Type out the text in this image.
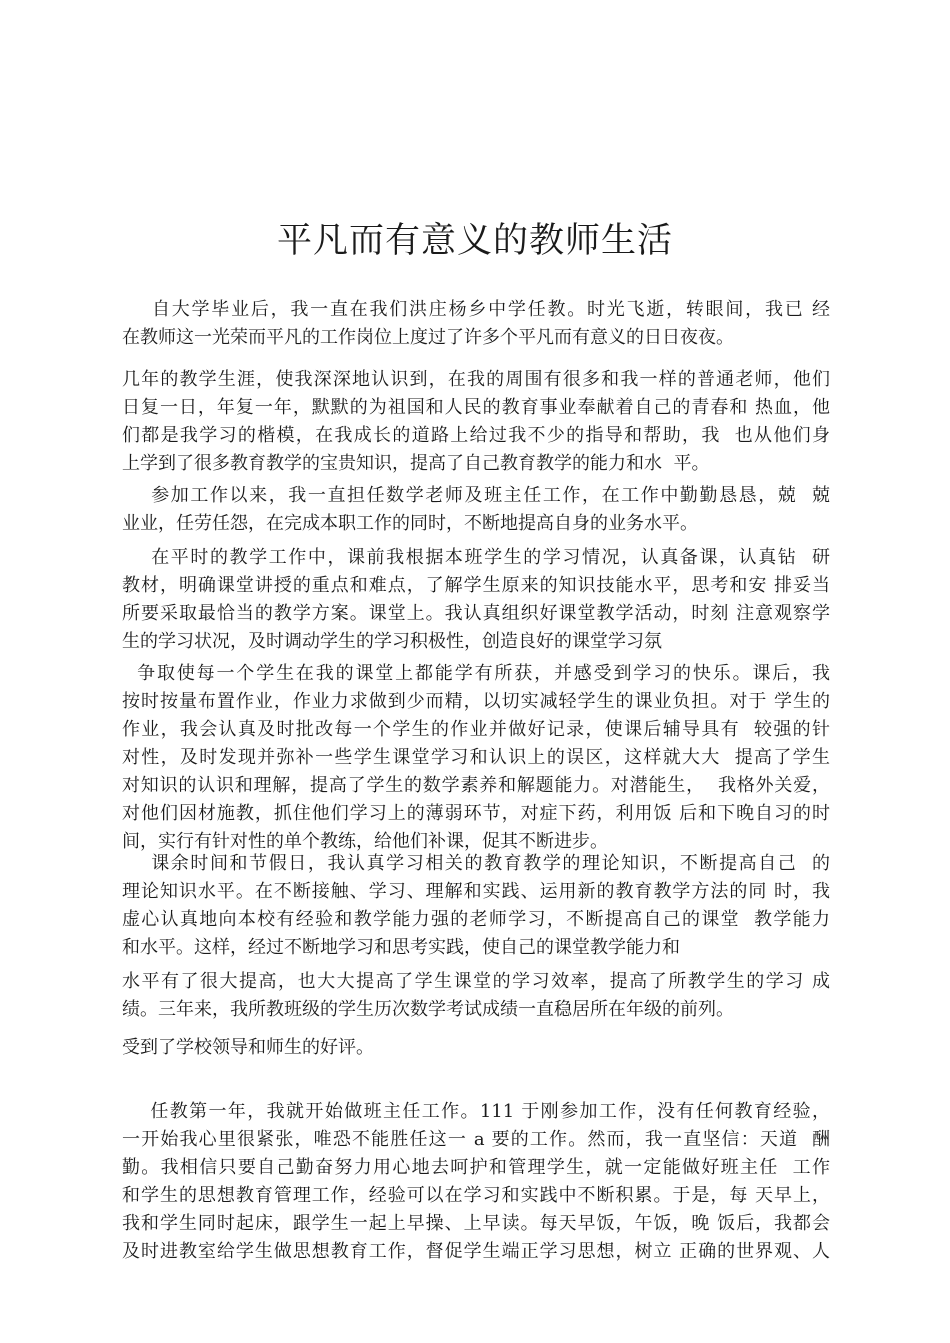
平凡而有意义的教师生活
自大学毕业后，我一直在我们洪庄杨乡中学任教。时光飞逝，转眼间，我已 经
在教师这一光荣而平凡的工作岗位上度过了许多个平凡而有意义的日日夜夜。
几年的教学生涯，使我深深地认识到，在我的周围有很多和我一样的普通老师，他们
日复一日，年复一年，默默的为祖国和人民的教育事业奉献着自己的青春和 热血，他
们都是我学习的楷模，在我成长的道路上给过我不少的指导和帮助，我  也从他们身
上学到了很多教育教学的宝贵知识，提高了自己教育教学的能力和水  平。
参加工作以来，我一直担任数学老师及班主任工作，在工作中勤勤恳恳，兢  兢
业业，任劳任怨，在完成本职工作的同时，不断地提高自身的业务水平。
在平时的教学工作中，课前我根据本班学生的学习情况，认真备课，认真钻  研
教材，明确课堂讲授的重点和难点，了解学生原来的知识技能水平，思考和安 排妥当
所要采取最恰当的教学方案。课堂上。我认真组织好课堂教学活动，时刻 注意观察学
生的学习状况，及时调动学生的学习积极性，创造良好的课堂学习氛
争取使每一个学生在我的课堂上都能学有所获，并感受到学习的快乐。课后，我
按时按量布置作业，作业力求做到少而精，以切实减轻学生的课业负担。对于 学生的
作业，我会认真及时批改每一个学生的作业并做好记录，使课后辅导具有  较强的针
对性，及时发现并弥补一些学生课堂学习和认识上的误区，这样就大大  提高了学生
对知识的认识和理解，提高了学生的数学素养和解题能力。对潜能生，  我格外关爱，
对他们因材施教，抓住他们学习上的薄弱环节，对症下药，利用饭 后和下晚自习的时
间，实行有针对性的单个教练，给他们补课，促其不断进步。
课余时间和节假日，我认真学习相关的教育教学的理论知识，不断提高自己  的
理论知识水平。在不断接触、学习、理解和实践、运用新的教育教学方法的同 时，我
虚心认真地向本校有经验和教学能力强的老师学习，不断提高自己的课堂  教学能力
和水平。这样，经过不断地学习和思考实践，使自己的课堂教学能力和
水平有了很大提高，也大大提高了学生课堂的学习效率，提高了所教学生的学习 成
绩。三年来，我所教班级的学生历次数学考试成绩一直稳居所在年级的前列。
受到了学校领导和师生的好评。
任教第一年，我就开始做班主任工作。111 于刚参加工作，没有任何教育经验，
一开始我心里很紧张，唯恐不能胜任这一 a 要的工作。然而，我一直坚信：天道  酬
勤。我相信只要自己勤奋努力用心地去呵护和管理学生，就一定能做好班主任  工作
和学生的思想教育管理工作，经验可以在学习和实践中不断积累。于是，每 天早上，
我和学生同时起床，跟学生一起上早操、上早读。每天早饭，午饭，晚 饭后，我都会
及时进教室给学生做思想教育工作，督促学生端正学习思想，树立 正确的世界观、人
